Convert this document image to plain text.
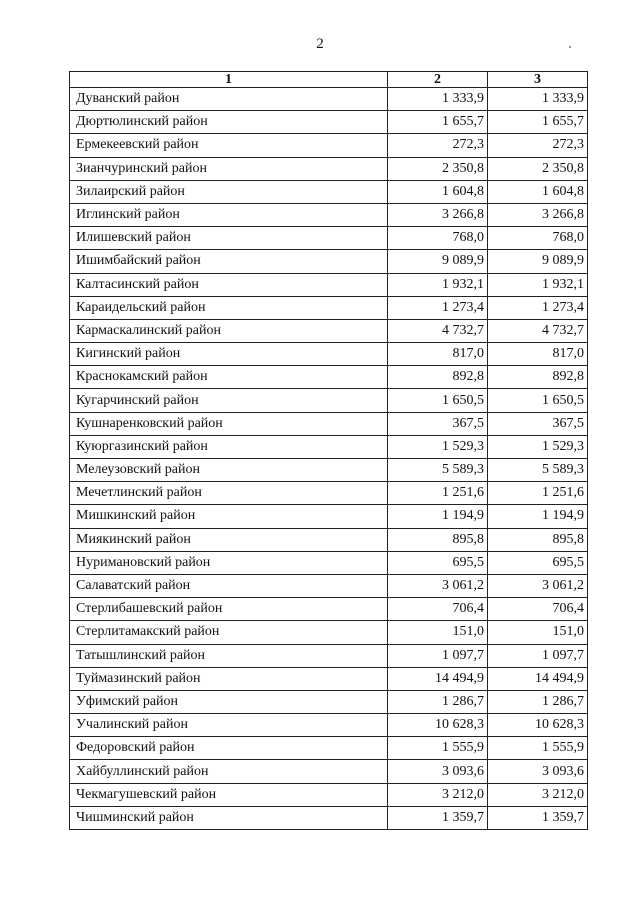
2
1	2	3
Дуванский район	1 333,9	1 333,9
Дюртюлинский район	1 655,7	1 655,7
Ермекеевский район	272,3	272,3
Зианчуринский район	2 350,8	2 350,8
Зилаирский район	1 604,8	1 604,8
Иглинский район	3 266,8	3 266,8
Илишевский район	768,0	768,0
Ишимбайский район	9 089,9	9 089,9
Калтасинский район	1 932,1	1 932,1
Караидельский район	1 273,4	1 273,4
Кармаскалинский район	4 732,7	4 732,7
Кигинский район	817,0	817,0
Краснокамский район	892,8	892,8
Кугарчинский район	1 650,5	1 650,5
Кушнаренковский район	367,5	367,5
Куюргазинский район	1 529,3	1 529,3
Мелеузовский район	5 589,3	5 589,3
Мечетлинский район	1 251,6	1 251,6
Мишкинский район	1 194,9	1 194,9
Миякинский район	895,8	895,8
Нуримановский район	695,5	695,5
Салаватский район	3 061,2	3 061,2
Стерлибашевский район	706,4	706,4
Стерлитамакский район	151,0	151,0
Татышлинский район	1 097,7	1 097,7
Туймазинский район	14 494,9	14 494,9
Уфимский район	1 286,7	1 286,7
Учалинский район	10 628,3	10 628,3
Федоровский район	1 555,9	1 555,9
Хайбуллинский район	3 093,6	3 093,6
Чекмагушевский район	3 212,0	3 212,0
Чишминский район	1 359,7	1 359,7
